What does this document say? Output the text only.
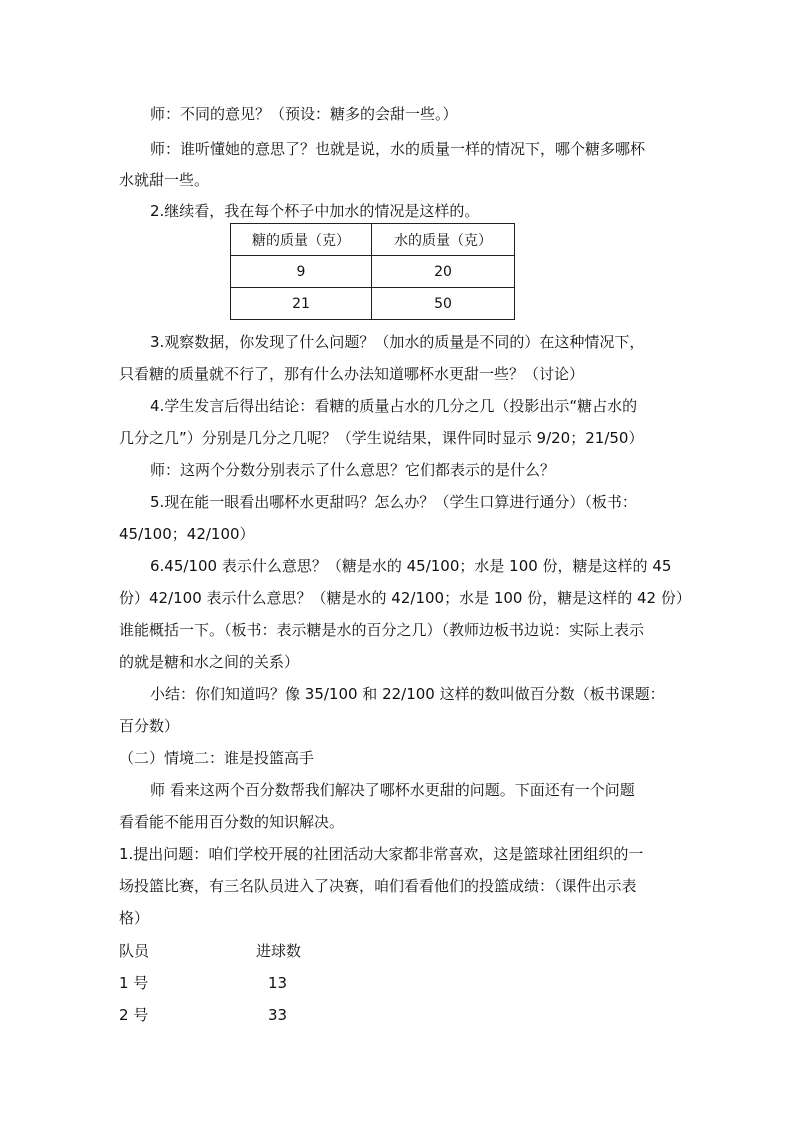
师：不同的意见？（预设：糖多的会甜一些。）
师：谁听懂她的意思了？也就是说，水的质量一样的情况下，哪个糖多哪杯
水就甜一些。
2.继续看，我在每个杯子中加水的情况是这样的。
糖的质量（克）	水的质量（克）
9	20
21	50
3.观察数据，你发现了什么问题？（加水的质量是不同的）在这种情况下，
只看糖的质量就不行了，那有什么办法知道哪杯水更甜一些？（讨论）
4.学生发言后得出结论：看糖的质量占水的几分之几（投影出示“糖占水的
几分之几”）分别是几分之几呢？（学生说结果，课件同时显示 9/20；21/50）
师：这两个分数分别表示了什么意思？它们都表示的是什么？
5.现在能一眼看出哪杯水更甜吗？怎么办？（学生口算进行通分）（板书：
45/100；42/100）
6.45/100 表示什么意思？（糖是水的 45/100；水是 100 份，糖是这样的 45
份）42/100 表示什么意思？（糖是水的 42/100；水是 100 份，糖是这样的 42 份）
谁能概括一下。（板书：表示糖是水的百分之几）（教师边板书边说：实际上表示
的就是糖和水之间的关系）
小结：你们知道吗？像 35/100 和 22/100 这样的数叫做百分数（板书课题：
百分数）
（二）情境二：谁是投篮高手
师 看来这两个百分数帮我们解决了哪杯水更甜的问题。下面还有一个问题
看看能不能用百分数的知识解决。
1.提出问题：咱们学校开展的社团活动大家都非常喜欢，这是篮球社团组织的一
场投篮比赛，有三名队员进入了决赛，咱们看看他们的投篮成绩：（课件出示表
格）
队员	进球数
1 号	13
2 号	33
